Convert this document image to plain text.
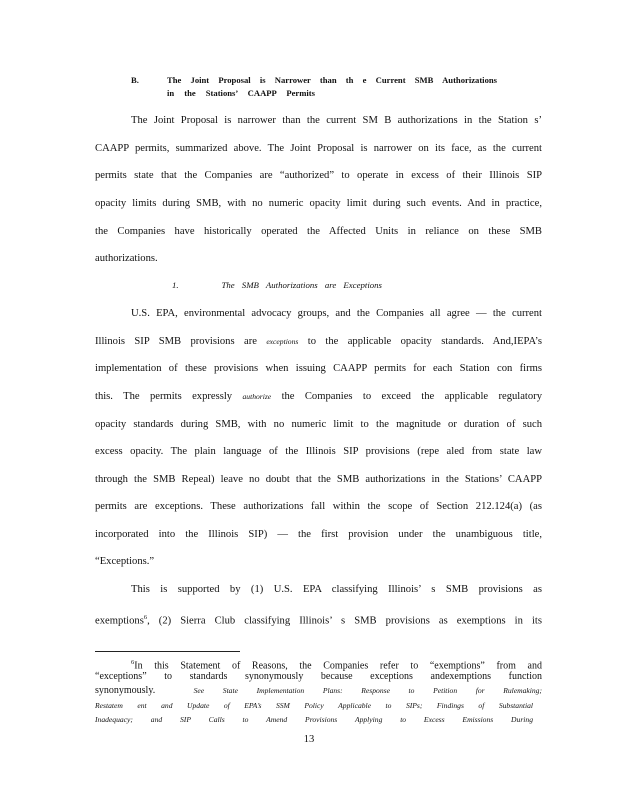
B.	The Joint Proposal is Narrower than th e Current SMB Authorizations
in the Stations’ CAAPP Permits
The Joint Proposal is narrower than the current SM B authorizations in the Station s’
CAAPP permits, summarized above. The Joint Proposal is narrower on its face, as the current
permits state that the Companies are “authorized” to operate in excess of their Illinois SIP
opacity limits during SMB, with no numeric opacity limit during such events. And in practice,
the Companies have historically operated the Affected Units in reliance on these SMB
authorizations.
1.	The SMB Authorizations are Exceptions
U.S. EPA, environmental advocacy groups, and the Companies all agree — the current
Illinois SIP SMB provisions are exceptions to the applicable opacity standards. And,IEPA’s
implementation of these provisions when issuing CAAPP permits for each Station con firms
this. The permits expressly authorize the Companies to exceed the applicable regulatory
opacity standards during SMB, with no numeric limit to the magnitude or duration of such
excess opacity. The plain language of the Illinois SIP provisions (repe aled from state law
through the SMB Repeal) leave no doubt that the SMB authorizations in the Stations’ CAAPP
permits are exceptions. These authorizations fall within the scope of Section 212.124(a) (as
incorporated into the Illinois SIP) — the first provision under the unambiguous title,
“Exceptions.”
This is supported by (1) U.S. EPA classifying Illinois’ s SMB provisions as
exemptions$^6$, (2) Sierra Club classifying Illinois’ s SMB provisions as exemptions in its
$^6$In this Statement of Reasons, the Companies refer to “exemptions” from and
“exceptions” to standards synonymously because exceptions andexemptions function
synonymously.	See State Implementation Plans: Response to Petition for Rulemaking;
Restatem ent and Update of EPA’s SSM Policy Applicable to SIPs; Findings of Substantial
Inadequacy; and SIP Calls to Amend Provisions Applying to Excess Emissions During
13
